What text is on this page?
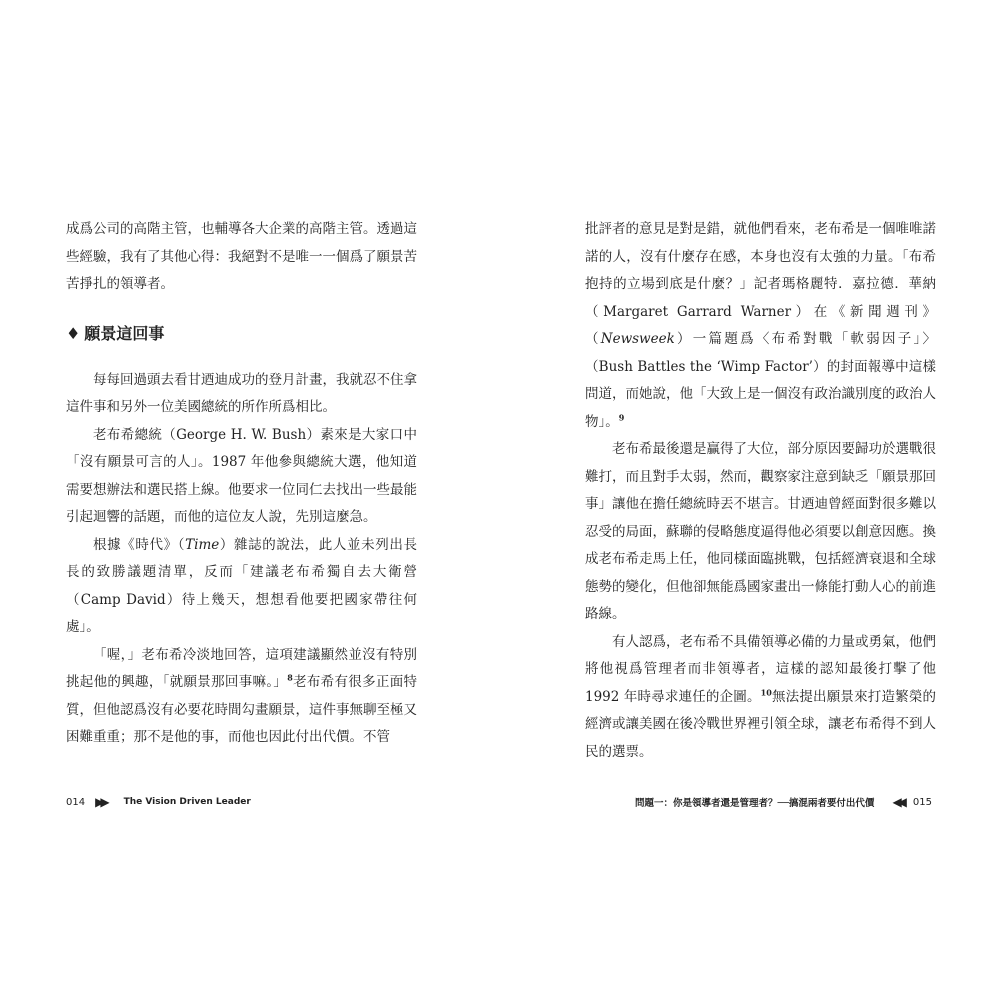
成爲公司的高階主管，也輔導各大企業的高階主管。透過這些經驗，我有了其他心得：我絕對不是唯一一個爲了願景苦苦掙扎的領導者。

♦ 願景這回事

每每回過頭去看甘迺迪成功的登月計畫，我就忍不住拿這件事和另外一位美國總統的所作所爲相比。

老布希總統（George H. W. Bush）素來是大家口中「沒有願景可言的人」。1987 年他參與總統大選，他知道需要想辦法和選民搭上線。他要求一位同仁去找出一些最能引起迴響的話題，而他的這位友人說，先別這麼急。

根據《時代》（Time）雜誌的說法，此人並未列出長長的致勝議題清單，反而「建議老布希獨自去大衛營（Camp David）待上幾天，想想看他要把國家帶往何處」。

「喔，」老布希冷淡地回答，這項建議顯然並沒有特別挑起他的興趣，「就願景那回事嘛。」$^8$老布希有很多正面特質，但他認爲沒有必要花時間勾畫願景，這件事無聊至極又困難重重；那不是他的事，而他也因此付出代價。不管

014 ▶▶ The Vision Driven Leader

批評者的意見是對是錯，就他們看來，老布希是一個唯唯諾諾的人，沒有什麼存在感，本身也沒有太強的力量。「布希抱持的立場到底是什麼？」記者瑪格麗特．嘉拉德．華納（Margaret Garrard Warner）在《新聞週刊》（Newsweek）一篇題爲〈布希對戰「軟弱因子」〉（Bush Battles the ‘Wimp Factor’）的封面報導中這樣問道，而她說，他「大致上是一個沒有政治識別度的政治人物」。$^9$

老布希最後還是贏得了大位，部分原因要歸功於選戰很難打，而且對手太弱，然而，觀察家注意到缺乏「願景那回事」讓他在擔任總統時丟不堪言。甘迺迪曾經面對很多難以忍受的局面，蘇聯的侵略態度逼得他必須要以創意因應。換成老布希走馬上任，他同樣面臨挑戰，包括經濟衰退和全球態勢的變化，但他卻無能爲國家畫出一條能打動人心的前進路線。

有人認爲，老布希不具備領導必備的力量或勇氣，他們將他視爲管理者而非領導者，這樣的認知最後打擊了他 1992 年時尋求連任的企圖。$^{10}$無法提出願景來打造繁榮的經濟或讓美國在後冷戰世界裡引領全球，讓老布希得不到人民的選票。

問題一：你是領導者還是管理者？──搞混兩者要付出代價 ◀◀ 015
